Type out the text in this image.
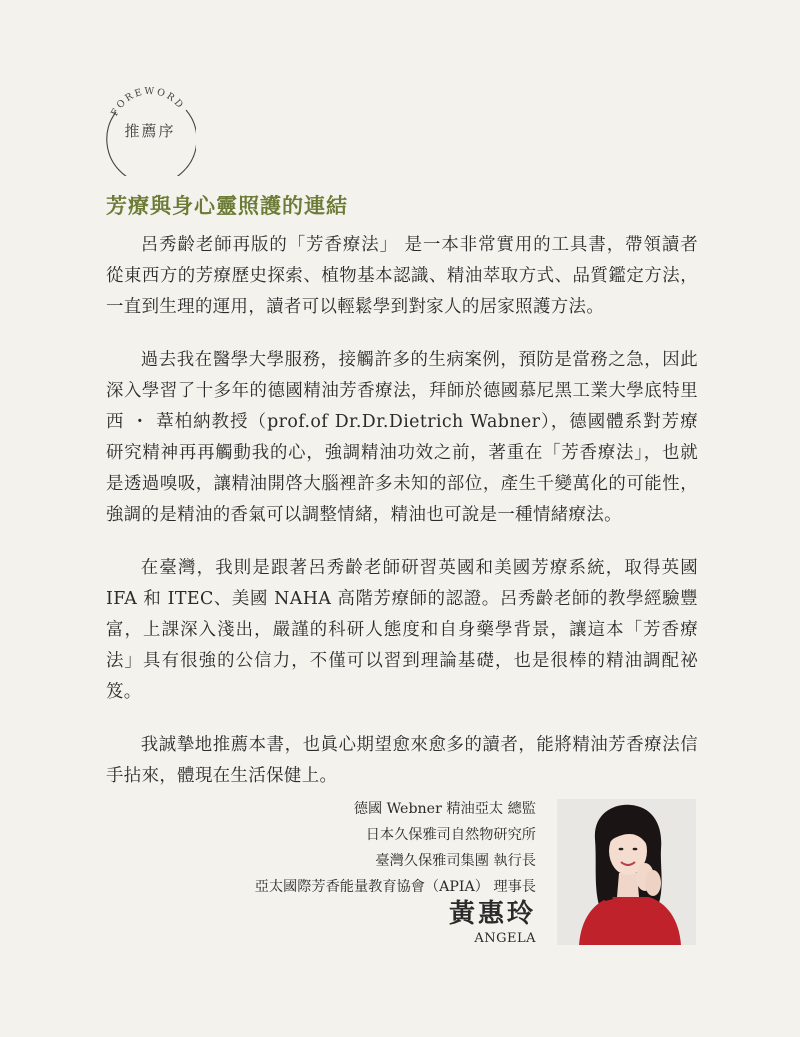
FOREWORD
推薦序
芳療與身心靈照護的連結

呂秀齡老師再版的「芳香療法」 是一本非常實用的工具書，帶領讀者從東西方的芳療歷史探索、植物基本認識、精油萃取方式、品質鑑定方法，一直到生理的運用，讀者可以輕鬆學到對家人的居家照護方法。

過去我在醫學大學服務，接觸許多的生病案例，預防是當務之急，因此深入學習了十多年的德國精油芳香療法，拜師於德國慕尼黑工業大學底特里西 ・ 葦柏納教授（prof.of Dr.Dr.Dietrich Wabner），德國體系對芳療研究精神再再觸動我的心，強調精油功效之前，著重在「芳香療法」，也就是透過嗅吸，讓精油開啓大腦裡許多未知的部位，產生千變萬化的可能性，強調的是精油的香氣可以調整情緒，精油也可說是一種情緒療法。

在臺灣，我則是跟著呂秀齡老師研習英國和美國芳療系統，取得英國 IFA 和 ITEC、美國 NAHA 高階芳療師的認證。呂秀齡老師的教學經驗豐富，上課深入淺出，嚴謹的科研人態度和自身藥學背景，讓這本「芳香療法」具有很強的公信力，不僅可以習到理論基礎，也是很棒的精油調配祕笈。

我誠摯地推薦本書，也眞心期望愈來愈多的讀者，能將精油芳香療法信手拈來，體現在生活保健上。

德國 Webner 精油亞太 總監
日本久保雅司自然物研究所
臺灣久保雅司集團 執行長
亞太國際芳香能量教育協會（APIA） 理事長
黃惠玲
ANGELA
